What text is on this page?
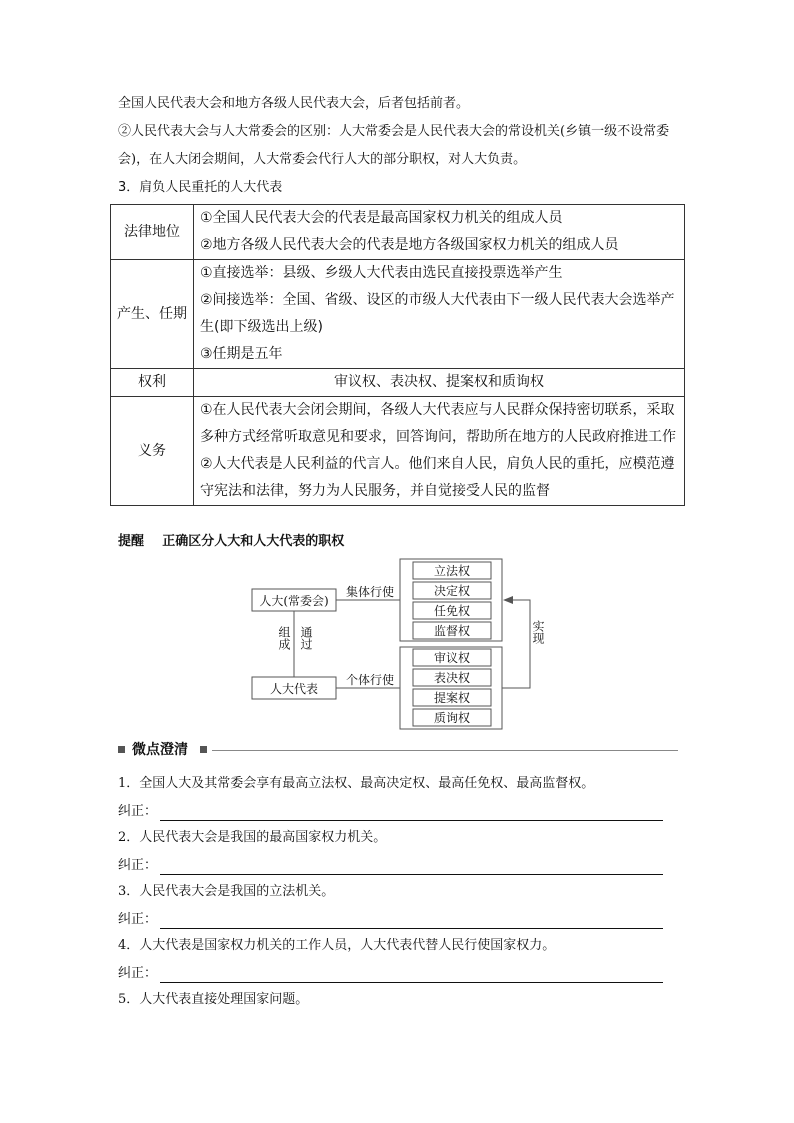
全国人民代表大会和地方各级人民代表大会，后者包括前者。
②人民代表大会与人大常委会的区别：人大常委会是人民代表大会的常设机关(乡镇一级不设常委会)，在人大闭会期间，人大常委会代行人大的部分职权，对人大负责。
3．肩负人民重托的人大代表
法律地位	①全国人民代表大会的代表是最高国家权力机关的组成人员
②地方各级人民代表大会的代表是地方各级国家权力机关的组成人员

产生、任期	①直接选举：县级、乡级人大代表由选民直接投票选举产生
②间接选举：全国、省级、设区的市级人大代表由下一级人民代表大会选举产生(即下级选出上级)
③任期是五年

权利	审议权、表决权、提案权和质询权

义务	①在人民代表大会闭会期间，各级人大代表应与人民群众保持密切联系，采取多种方式经常听取意见和要求，回答询问，帮助所在地方的人民政府推进工作
②人大代表是人民利益的代言人。他们来自人民，肩负人民的重托，应模范遵守宪法和法律，努力为人民服务，并自觉接受人民的监督
提醒 正确区分人大和人大代表的职权
人大(常委会)
人大代表
集体行使
个体行使
组成 通过	实现
立法权
决定权
任免权
监督权
审议权
表决权
提案权
质询权
微点澄清
1．全国人大及其常委会享有最高立法权、最高决定权、最高任免权、最高监督权。
纠正：
2．人民代表大会是我国的最高国家权力机关。
纠正：
3．人民代表大会是我国的立法机关。
纠正：
4．人大代表是国家权力机关的工作人员，人大代表代替人民行使国家权力。
纠正：
5．人大代表直接处理国家问题。
